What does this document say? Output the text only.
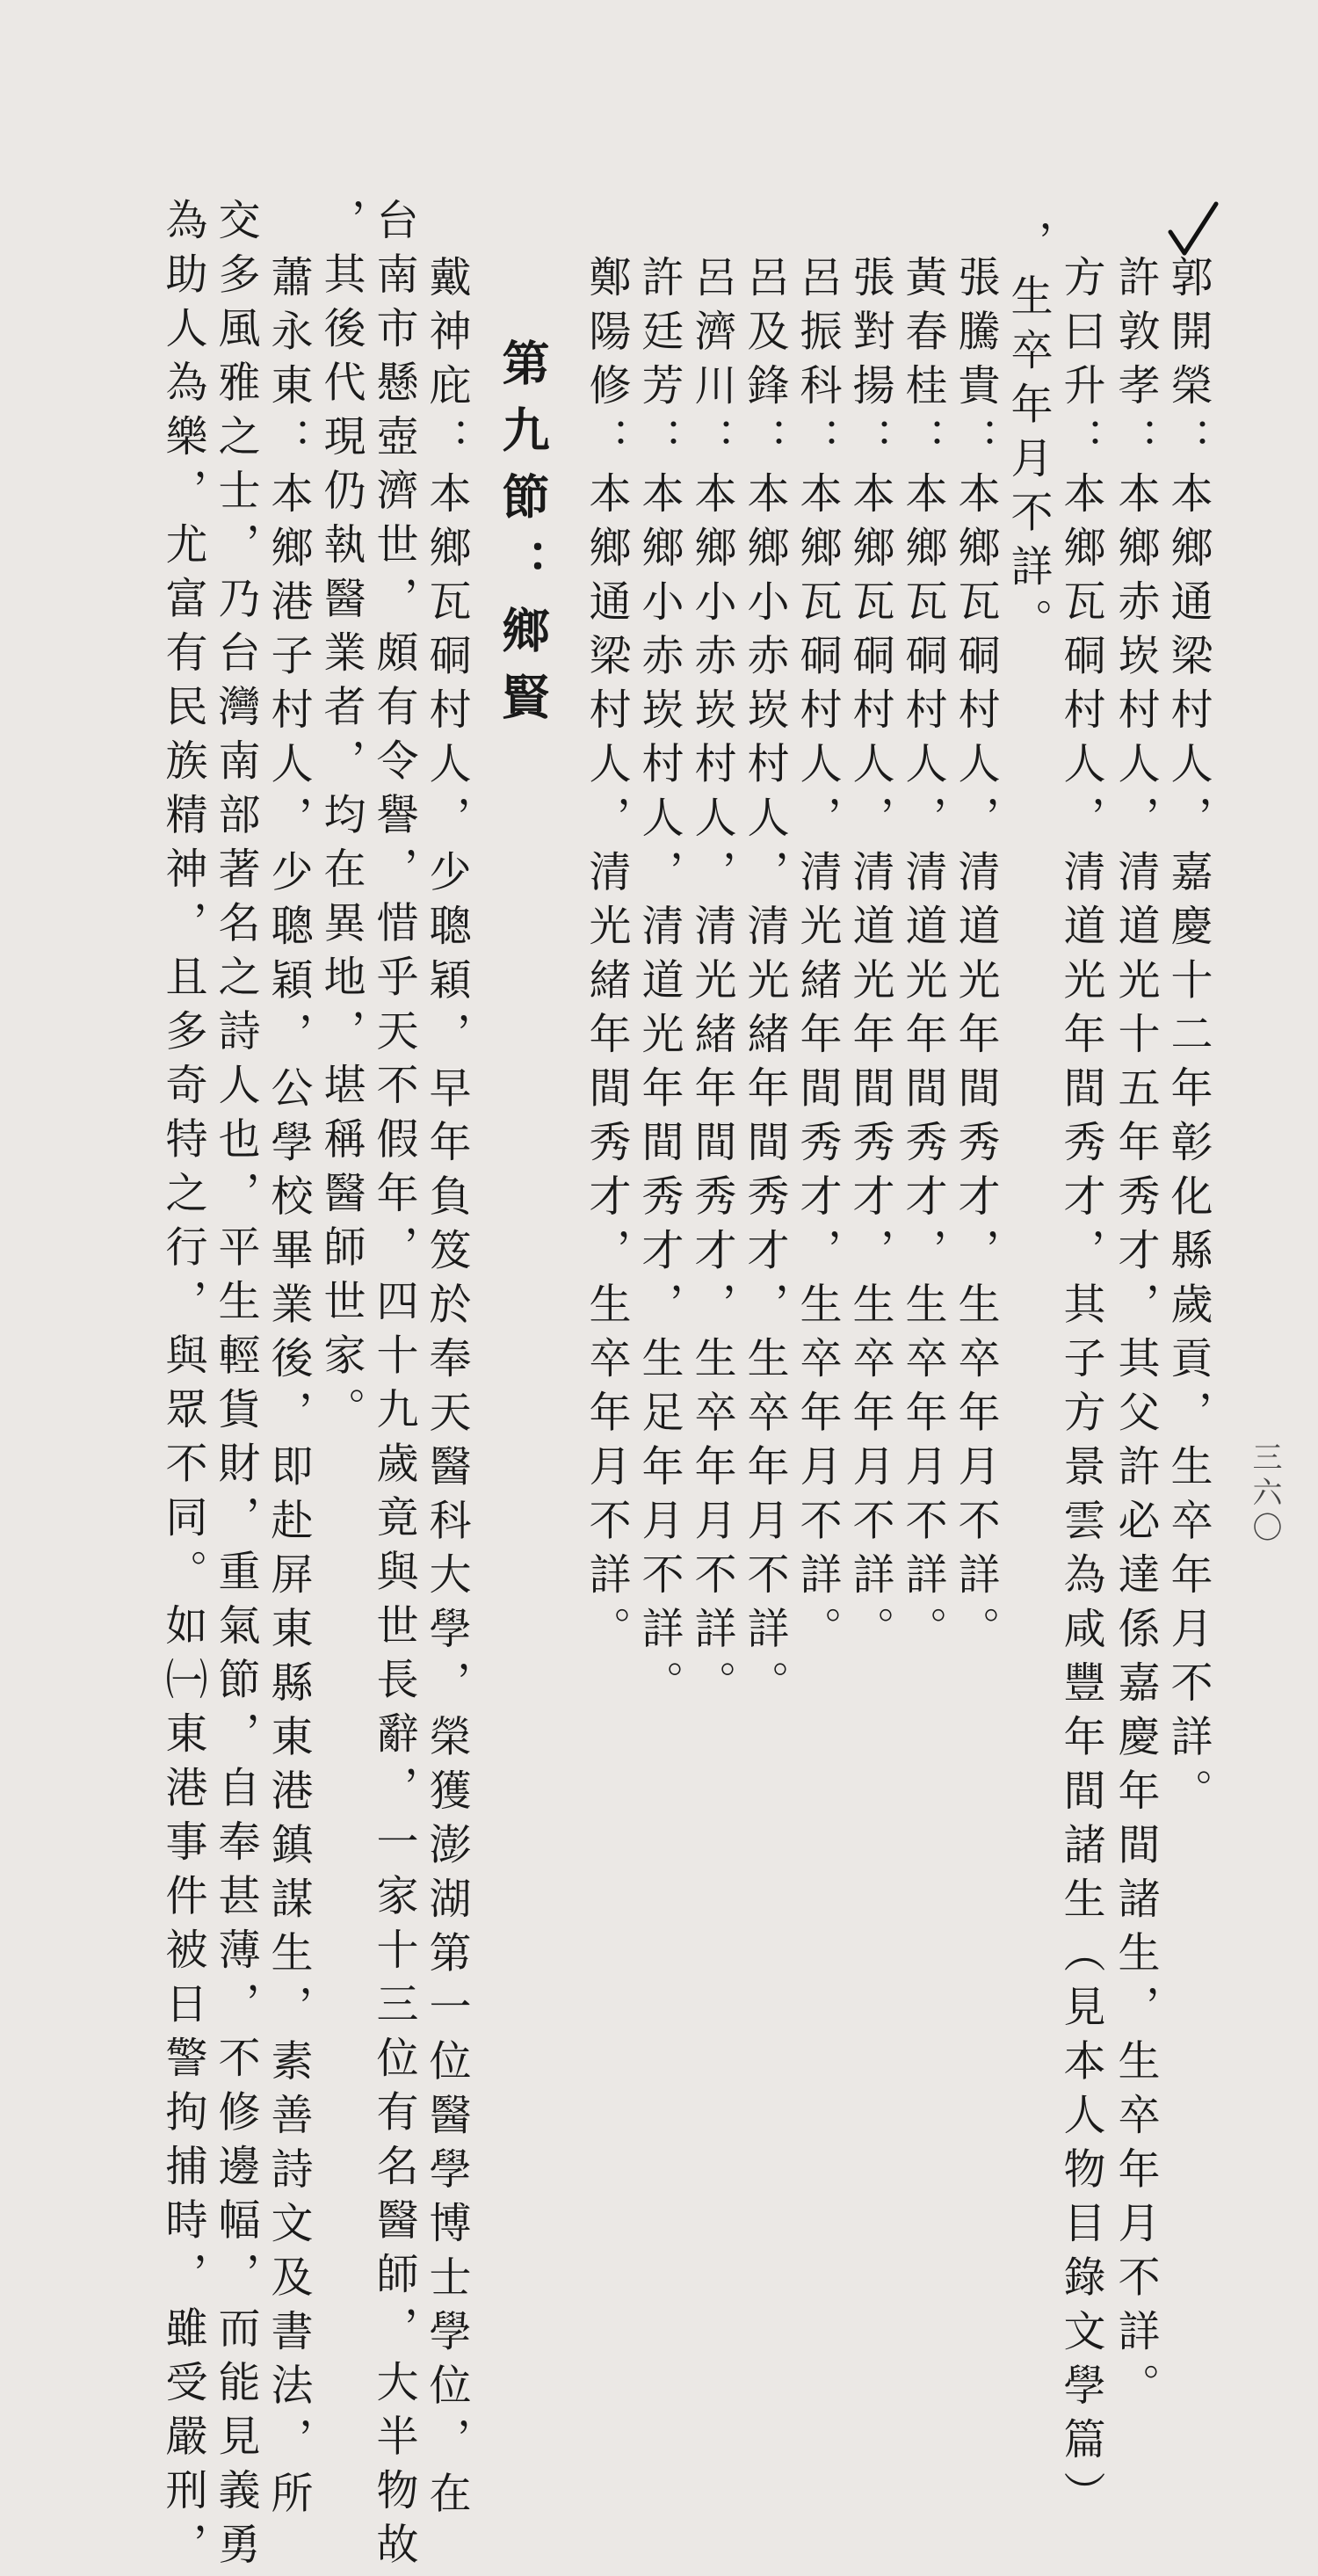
三六〇

郭開榮：本鄉通梁村人，嘉慶十二年彰化縣歲貢，生卒年月不詳。
許敦孝：本鄉赤崁村人，清道光十五年秀才，其父許必達係嘉慶年間諸生，生卒年月不詳。
方曰升：本鄉瓦硐村人，清道光年間秀才，其子方景雲為咸豐年間諸生（見本人物目錄文學篇）
，生卒年月不詳。
張騰貴：本鄉瓦硐村人，清道光年間秀才，生卒年月不詳。
黃春桂：本鄉瓦硐村人，清道光年間秀才，生卒年月不詳。
張對揚：本鄉瓦硐村人，清道光年間秀才，生卒年月不詳。
呂振科：本鄉瓦硐村人，清光緒年間秀才，生卒年月不詳。
呂及鋒：本鄉小赤崁村人，清光緒年間秀才，生卒年月不詳。
呂濟川：本鄉小赤崁村人，清光緒年間秀才，生卒年月不詳。
許廷芳：本鄉小赤崁村人，清道光年間秀才，生足年月不詳。
鄭陽修：本鄉通梁村人，清光緒年間秀才，生卒年月不詳。
第九節：鄉賢
戴神庇：本鄉瓦硐村人，少聰穎，早年負笈於奉天醫科大學，榮獲澎湖第一位醫學博士學位，在
台南市懸壺濟世，頗有令譽，惜乎天不假年，四十九歲竟與世長辭，一家十三位有名醫師，大半物故
，其後代現仍執醫業者，均在異地，堪稱醫師世家。
蕭永東：本鄉港子村人，少聰穎，公學校畢業後，即赴屏東縣東港鎮謀生，素善詩文及書法，所
交多風雅之士，乃台灣南部著名之詩人也，平生輕貨財，重氣節，自奉甚薄，不修邊幅，而能見義勇
為助人為樂，尤富有民族精神，且多奇特之行，與眾不同。如㈠東港事件被日警拘捕時，雖受嚴刑，
